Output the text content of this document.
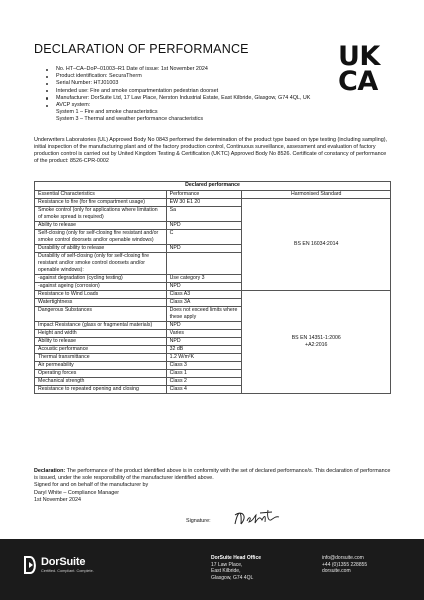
DECLARATION OF PERFORMANCE	UK
CA
No. HT–CA–DoP–01003–R1 Date of issue: 1st November 2024
Product identification: SecuraTherm
Serial Number: HTJ01003
Intended use: Fire and smoke compartmentation pedestrian doorset
Manufacturer: DorSuite Ltd, 17 Law Place, Nerston Industrial Estate, East Kilbride, Glasgow, G74 4QL, UK
AVCP system:
System 1 – Fire and smoke characteristics
System 3 – Thermal and weather performance characteristics

Underwriters Laboratories (UL) Approved Body No 0843 performed the determination of the product type based on type testing (including sampling), initial inspection of the manufacturing plant and of the factory production control, Continuous surveillance, assessment and evaluation of factory production control is carried out by United Kingdom Testing & Certification (UKTC) Approved Body No 8526. Certificate of constancy of performance of the product: 8526-CPR-0002

Declared performance		
Essential Characteristics	Performance	Harmonised Standard
Resistance to fire (for fire compartment usage)	EW 30 E1 20	BS EN 16034:2014
Smoke control (only for applications where limitation of smoke spread is required)	Sa	
Ability to release	NPD	
Self-closing (only for self-closing fire resistant and/or smoke control doorsets and/or openable windows)	C	
Durability of ability to release	NPD	
Durability of self-closing (only for self-closing fire resistant and/or smoke control doorsets and/or openable windows):		
-against degradation (cycling testing)	Use category 3	
-against ageing (corrosion)	NPD	
Resistance to Wind Loads	Class A3	BS EN 14351-1:2006
+A2:2016

Watertightness	Class 3A	
Dangerous Substances	Does not exceed limits where these apply	
Impact Resistance (glass or fragmental materials)	NPD	
Height and width	Varies	
Ability to release	NPD	
Acoustic performance	32 dB	
Thermal transmittance	1.2 W/m²K	
Air permeability	Class 3	
Operating forces	Class 1	
Mechanical strength	Class 2	
Resistance to repeated opening and closing	Class 4	
Declaration: The performance of the product identified above is in conformity with the set of declared performance/s. This declaration of performance is issued, under the sole responsibility of the manufacturer identified above.
Signed for and on behalf of the manufacturer by
Daryl White – Compliance Manager
1st November 2024
Signature:
DorSuite
Certified. Compliant. Complete.
DorSuite Head Office
17 Law Place,
East Kilbride,
Glasgow, G74 4QL
info@dorsuite.com
+44 (0)1355 228855
dorsuite.com
